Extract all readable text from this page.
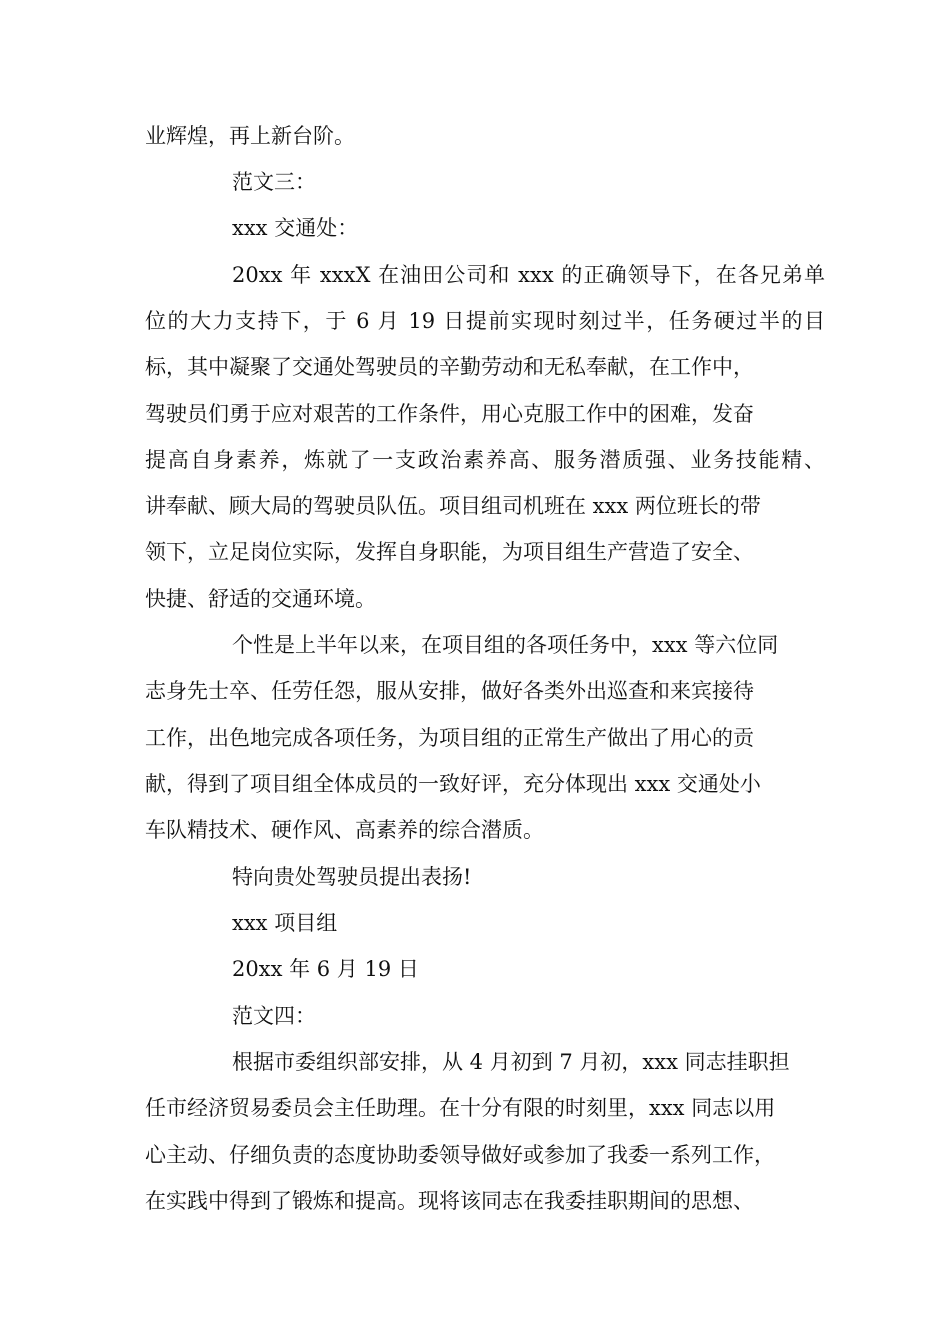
业辉煌，再上新台阶。
范文三：
xxx 交通处：
20xx 年 xxxX 在油田公司和 xxx 的正确领导下，在各兄弟单
位的大力支持下，于 6 月 19 日提前实现时刻过半，任务硬过半的目
标，其中凝聚了交通处驾驶员的辛勤劳动和无私奉献，在工作中，
驾驶员们勇于应对艰苦的工作条件，用心克服工作中的困难，发奋
提高自身素养，炼就了一支政治素养高、服务潜质强、业务技能精、
讲奉献、顾大局的驾驶员队伍。项目组司机班在 xxx 两位班长的带
领下，立足岗位实际，发挥自身职能，为项目组生产营造了安全、
快捷、舒适的交通环境。
个性是上半年以来，在项目组的各项任务中，xxx 等六位同
志身先士卒、任劳任怨，服从安排，做好各类外出巡查和来宾接待
工作，出色地完成各项任务，为项目组的正常生产做出了用心的贡
献，得到了项目组全体成员的一致好评，充分体现出 xxx 交通处小
车队精技术、硬作风、高素养的综合潜质。
特向贵处驾驶员提出表扬!
xxx 项目组
20xx 年 6 月 19 日
范文四：
根据市委组织部安排，从 4 月初到 7 月初，xxx 同志挂职担
任市经济贸易委员会主任助理。在十分有限的时刻里，xxx 同志以用
心主动、仔细负责的态度协助委领导做好或参加了我委一系列工作，
在实践中得到了锻炼和提高。现将该同志在我委挂职期间的思想、
